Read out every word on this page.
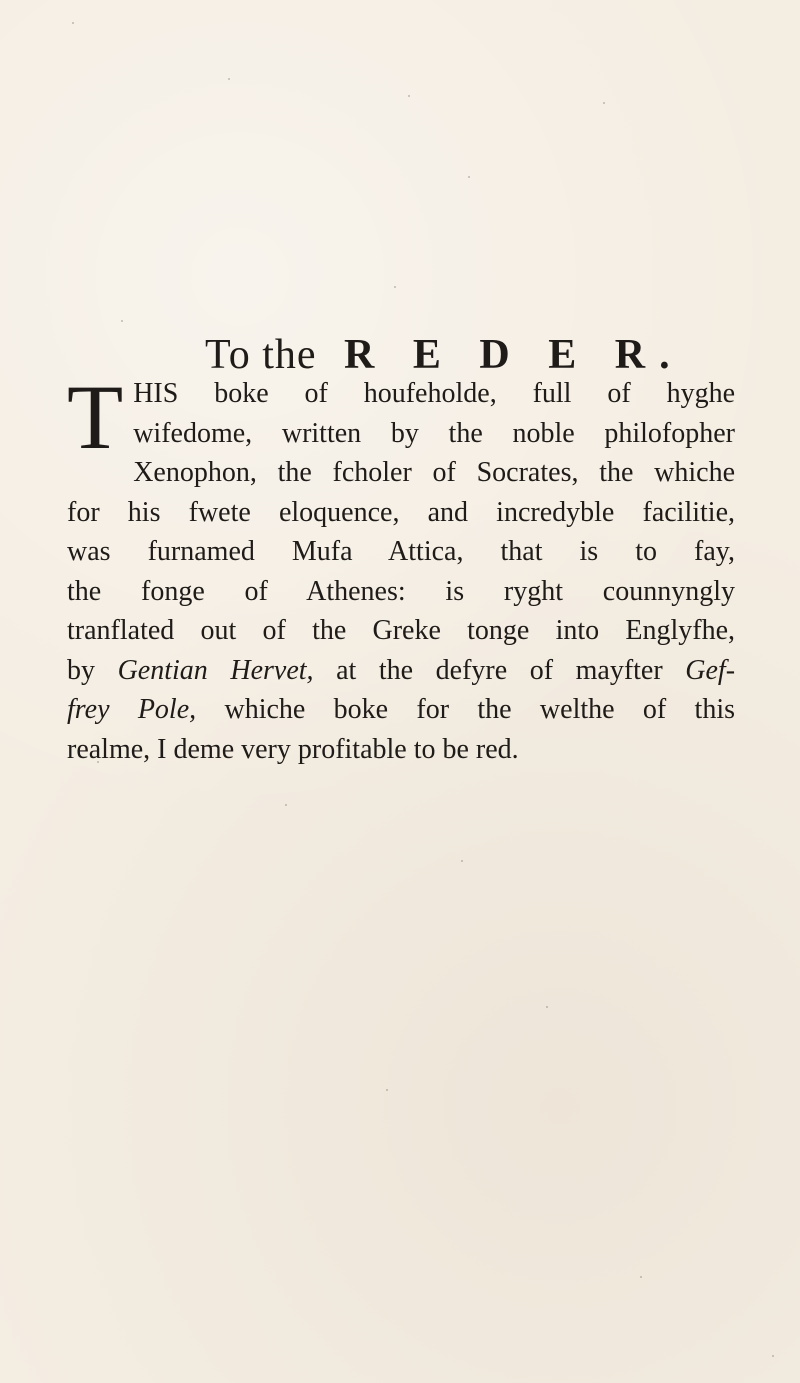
To the R E D E R.
T HIS boke of houfeholde, full of hyghe
wifedome, written by the noble philofopher
Xenophon, the fcholer of Socrates, the whiche
for his fwete eloquence, and incredyble facilitie,
was furnamed Mufa Attica, that is to fay,
the fonge of Athenes: is ryght counnyngly
tranflated out of the Greke tonge into Englyfhe,
by Gentian Hervet, at the defyre of mayfter Gef-
frey Pole, whiche boke for the welthe of this
realme, I deme very profitable to be red.
